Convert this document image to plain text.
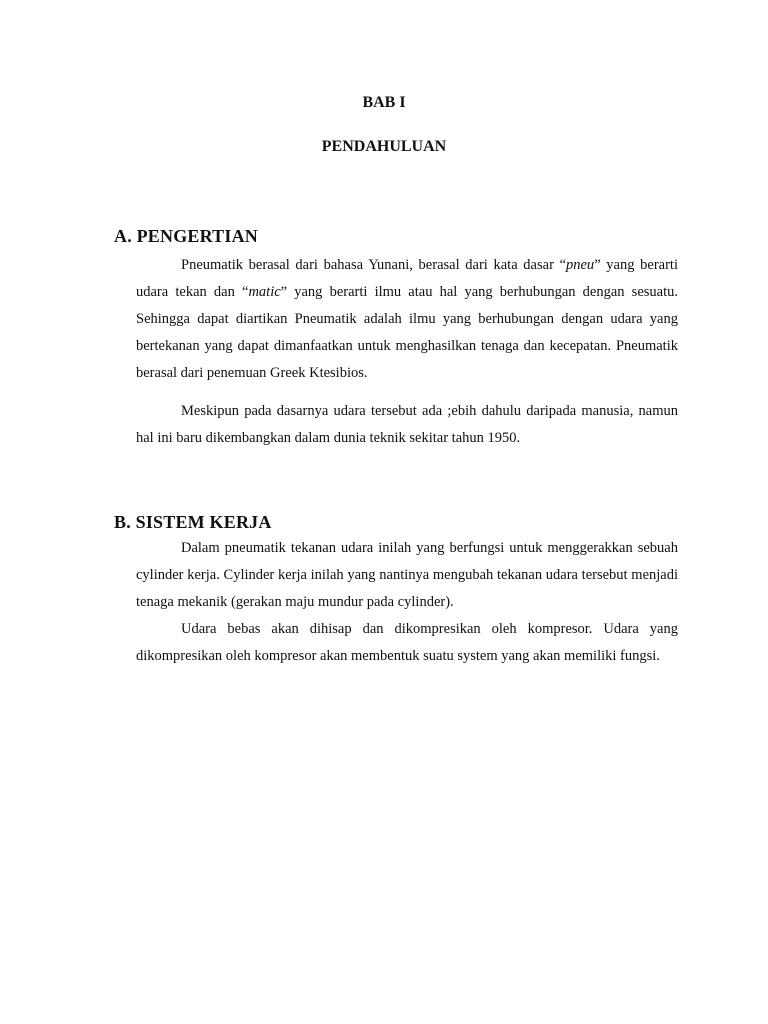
BAB I
PENDAHULUAN
A. PENGERTIAN

Pneumatik berasal dari bahasa Yunani, berasal dari kata dasar “pneu” yang berarti udara tekan dan “matic” yang berarti ilmu atau hal yang berhubungan dengan sesuatu. Sehingga dapat diartikan Pneumatik adalah ilmu yang berhubungan dengan udara yang bertekanan yang dapat dimanfaatkan untuk menghasilkan tenaga dan kecepatan. Pneumatik berasal dari penemuan Greek Ktesibios.

Meskipun pada dasarnya udara tersebut ada ;ebih dahulu daripada manusia, namun hal ini baru dikembangkan dalam dunia teknik sekitar tahun 1950.

B. SISTEM KERJA

Dalam pneumatik tekanan udara inilah yang berfungsi untuk menggerakkan sebuah cylinder kerja. Cylinder kerja inilah yang nantinya mengubah tekanan udara tersebut menjadi tenaga mekanik (gerakan maju mundur pada cylinder).

Udara bebas akan dihisap dan dikompresikan oleh kompresor. Udara yang dikompresikan oleh kompresor akan membentuk suatu system yang akan memiliki fungsi.
